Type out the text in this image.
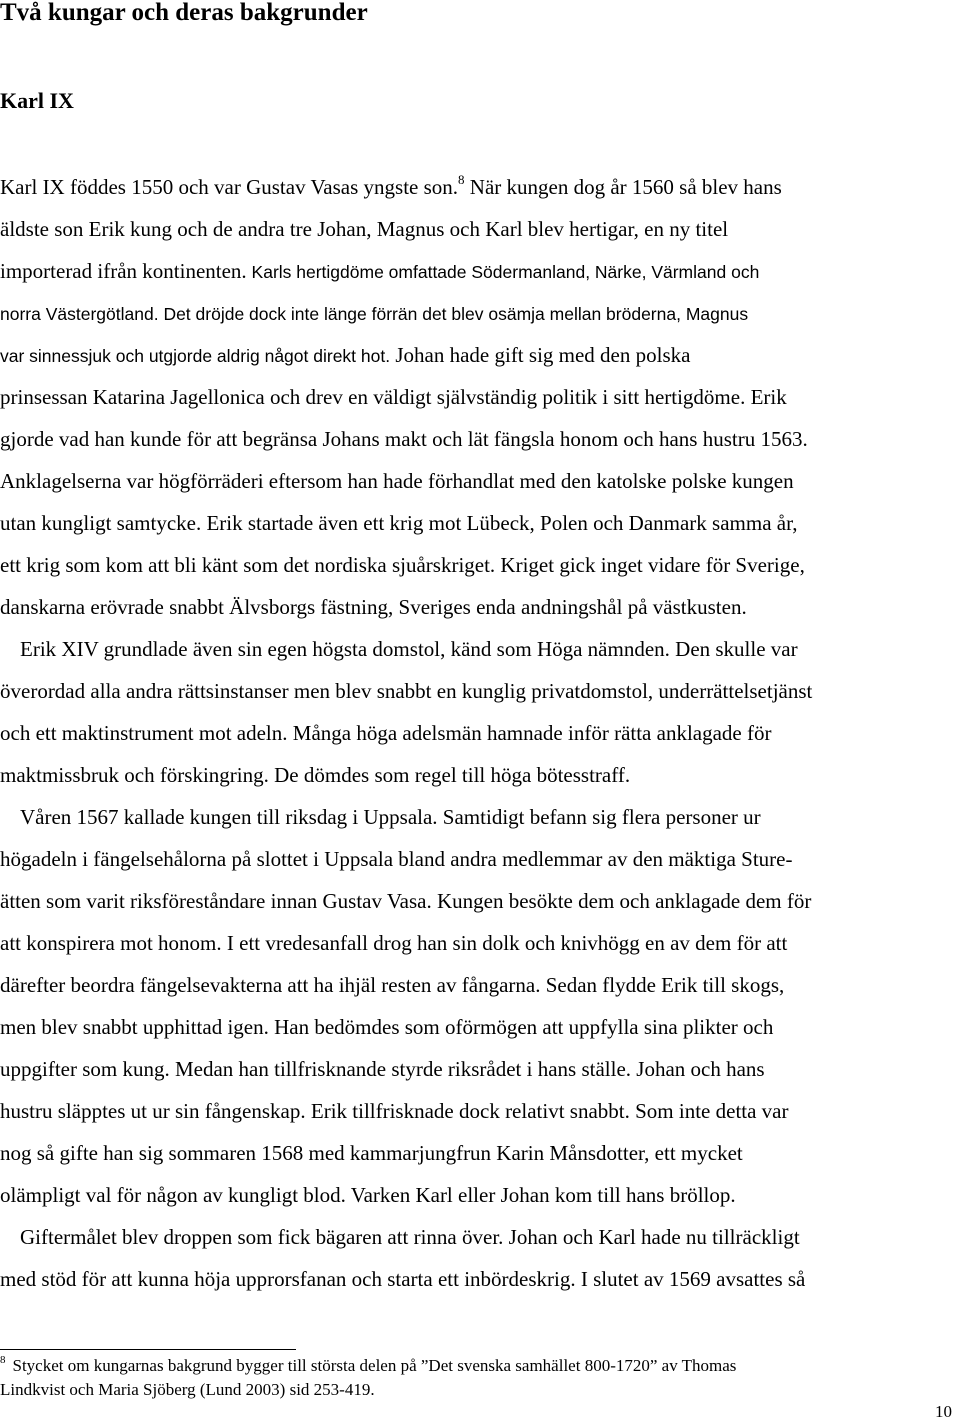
Två kungar och deras bakgrunder
Karl IX
Karl IX föddes 1550 och var Gustav Vasas yngste son.$^8$ När kungen dog år 1560 så blev hans
äldste son Erik kung och de andra tre Johan, Magnus och Karl blev hertigar, en ny titel
importerad ifrån kontinenten. Karls hertigdöme omfattade Södermanland, Närke, Värmland och
norra Västergötland. Det dröjde dock inte länge förrän det blev osämja mellan bröderna, Magnus
var sinnessjuk och utgjorde aldrig något direkt hot. Johan hade gift sig med den polska
prinsessan Katarina Jagellonica och drev en väldigt självständig politik i sitt hertigdöme. Erik
gjorde vad han kunde för att begränsa Johans makt och lät fängsla honom och hans hustru 1563.
Anklagelserna var högförräderi eftersom han hade förhandlat med den katolske polske kungen
utan kungligt samtycke. Erik startade även ett krig mot Lübeck, Polen och Danmark samma år,
ett krig som kom att bli känt som det nordiska sjuårskriget. Kriget gick inget vidare för Sverige,
danskarna erövrade snabbt Älvsborgs fästning, Sveriges enda andningshål på västkusten.
Erik XIV grundlade även sin egen högsta domstol, känd som Höga nämnden. Den skulle var
överordad alla andra rättsinstanser men blev snabbt en kunglig privatdomstol, underrättelsetjänst
och ett maktinstrument mot adeln. Många höga adelsmän hamnade inför rätta anklagade för
maktmissbruk och förskingring. De dömdes som regel till höga bötesstraff.
Våren 1567 kallade kungen till riksdag i Uppsala. Samtidigt befann sig flera personer ur
högadeln i fängelsehålorna på slottet i Uppsala bland andra medlemmar av den mäktiga Sture-
ätten som varit riksföreståndare innan Gustav Vasa. Kungen besökte dem och anklagade dem för
att konspirera mot honom. I ett vredesanfall drog han sin dolk och knivhögg en av dem för att
därefter beordra fängelsevakterna att ha ihjäl resten av fångarna. Sedan flydde Erik till skogs,
men blev snabbt upphittad igen. Han bedömdes som oförmögen att uppfylla sina plikter och
uppgifter som kung. Medan han tillfrisknande styrde riksrådet i hans ställe. Johan och hans
hustru släpptes ut ur sin fångenskap. Erik tillfrisknade dock relativt snabbt. Som inte detta var
nog så gifte han sig sommaren 1568 med kammarjungfrun Karin Månsdotter, ett mycket
olämpligt val för någon av kungligt blod. Varken Karl eller Johan kom till hans bröllop.
Giftermålet blev droppen som fick bägaren att rinna över. Johan och Karl hade nu tillräckligt
med stöd för att kunna höja upprorsfanan och starta ett inbördeskrig. I slutet av 1569 avsattes så
$^8$ Stycket om kungarnas bakgrund bygger till största delen på ”Det svenska samhället 800-1720” av Thomas
Lindkvist och Maria Sjöberg (Lund 2003) sid 253-419.
10
